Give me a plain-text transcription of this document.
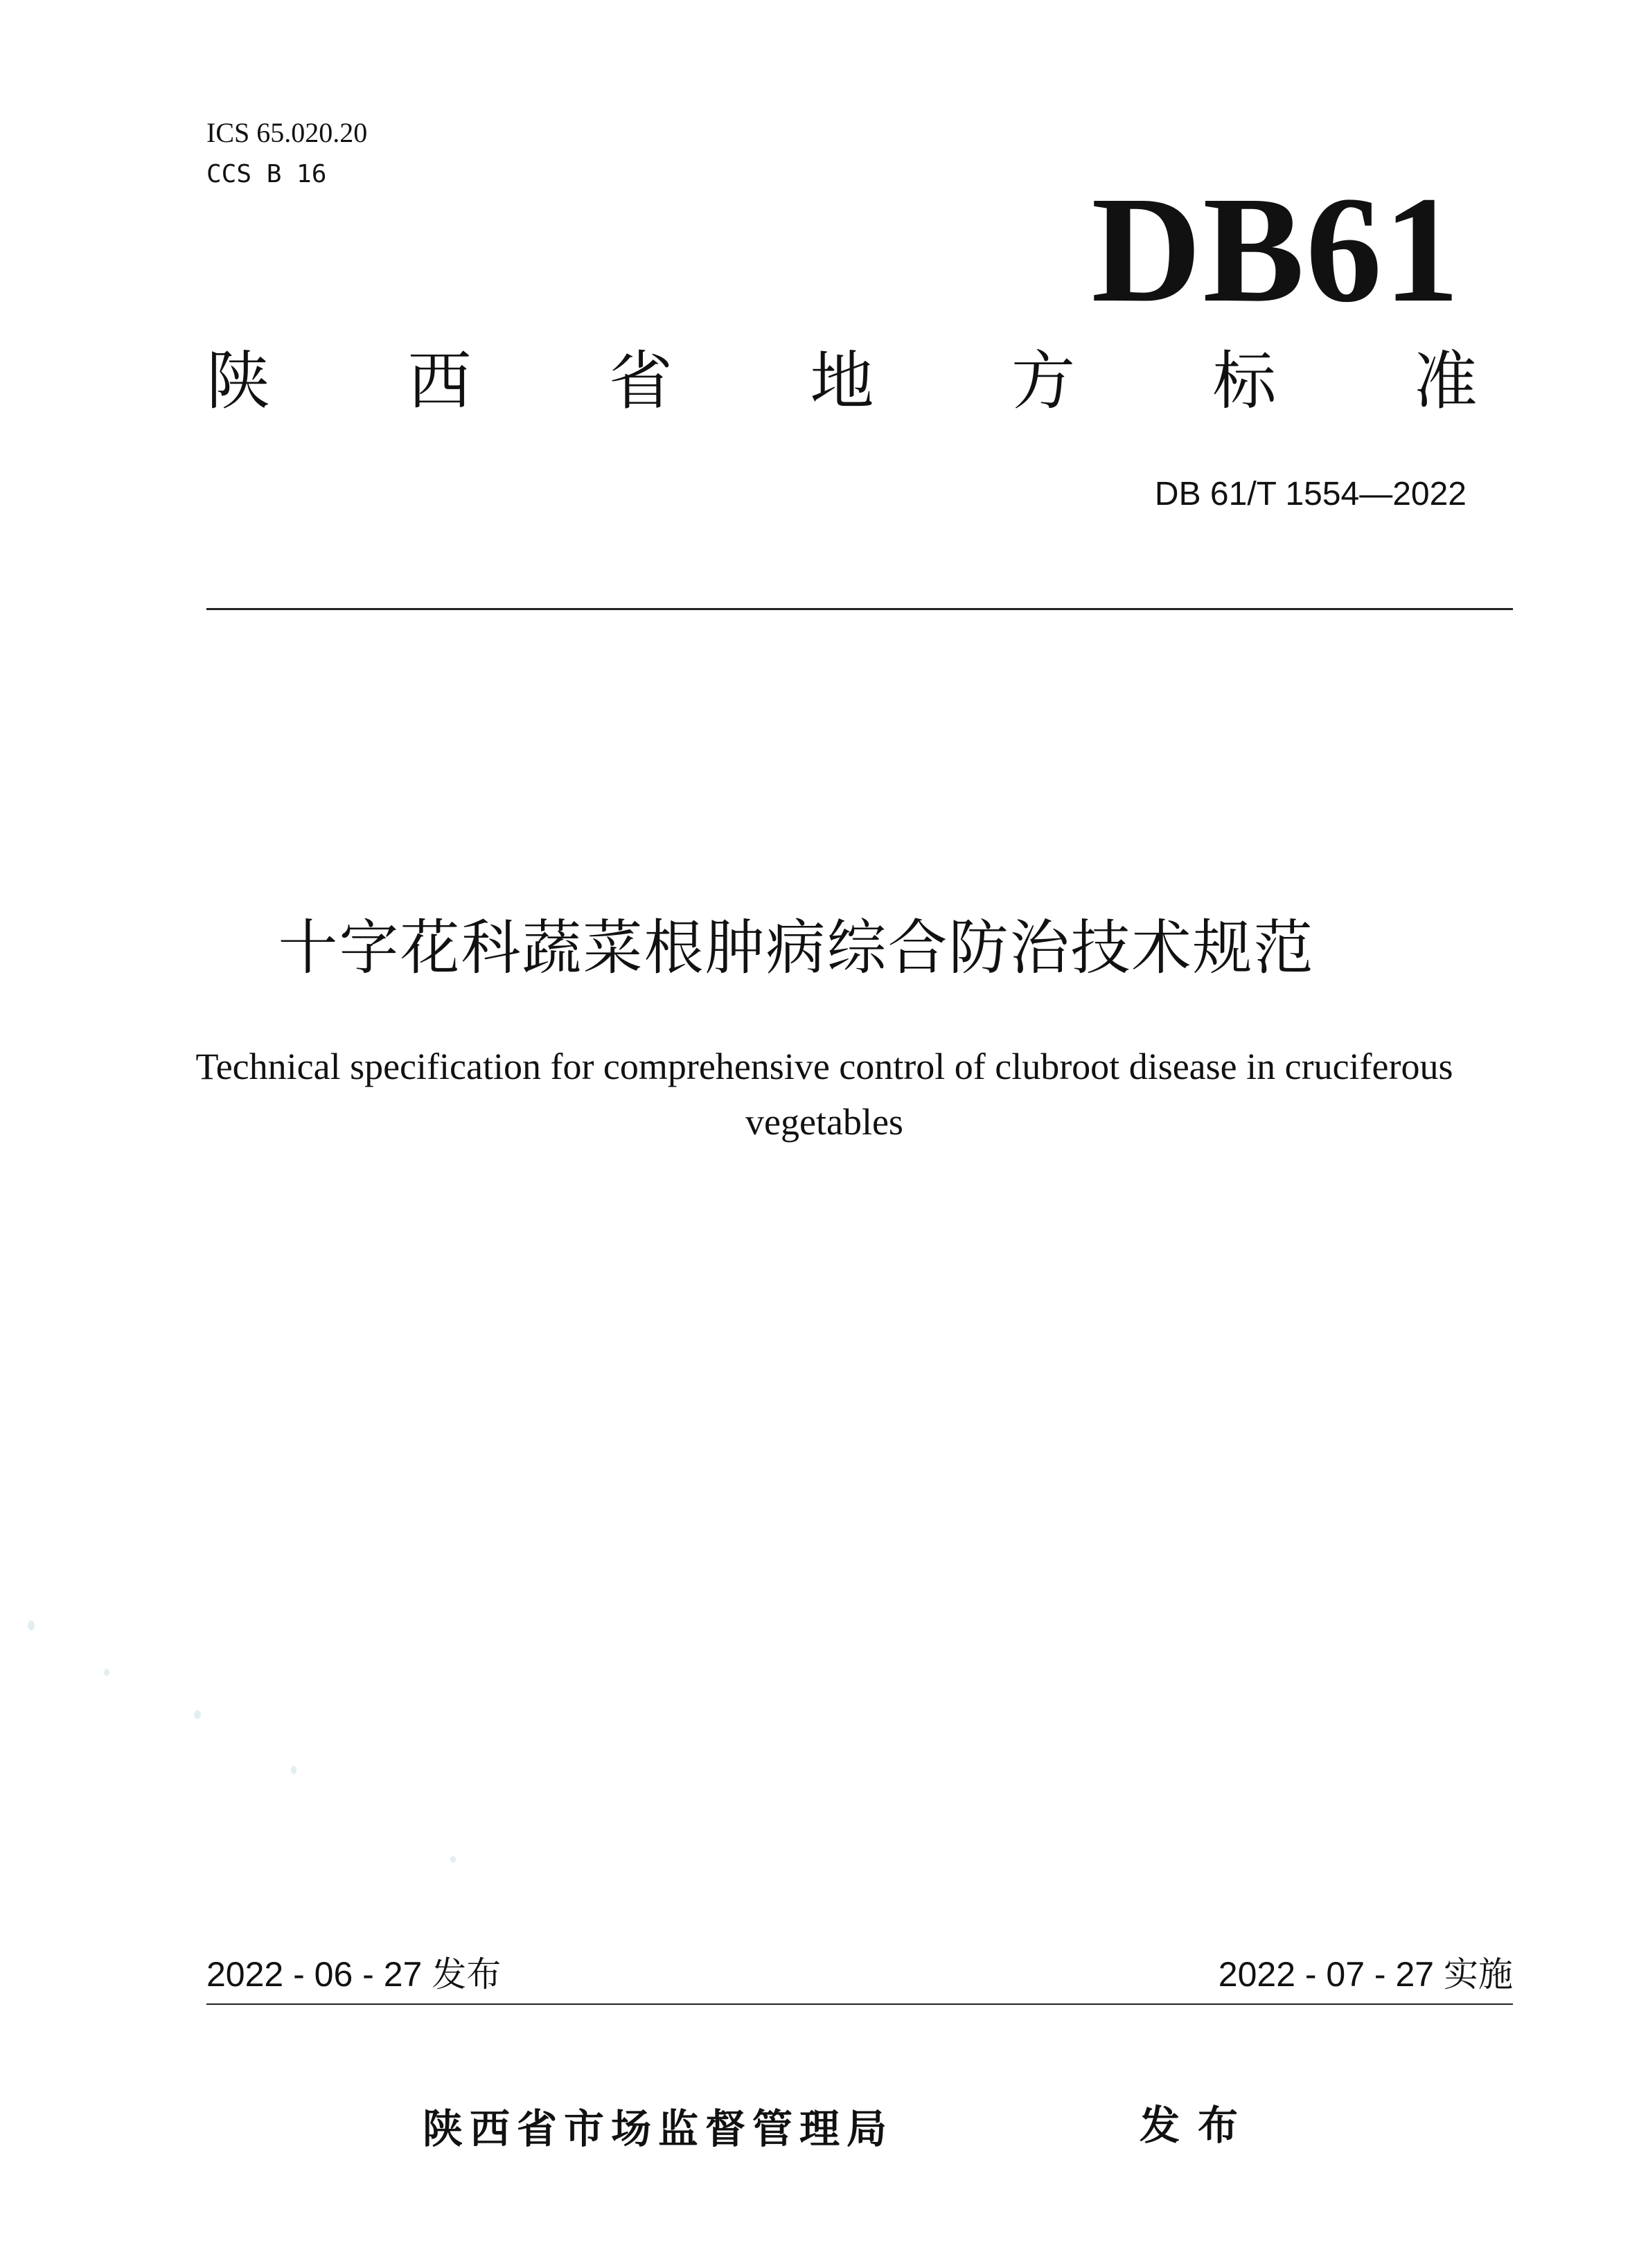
ICS 65.020.20
CCS B 16	DB61
陕 西 省 地 方 标 准
DB 61/T 1554—2022
十字花科蔬菜根肿病综合防治技术规范
Technical specification for comprehensive control of clubroot disease in cruciferous
vegetables
2022 - 06 - 27 发布	2022 - 07 - 27 实施
陕西省市场监督管理局	发布
